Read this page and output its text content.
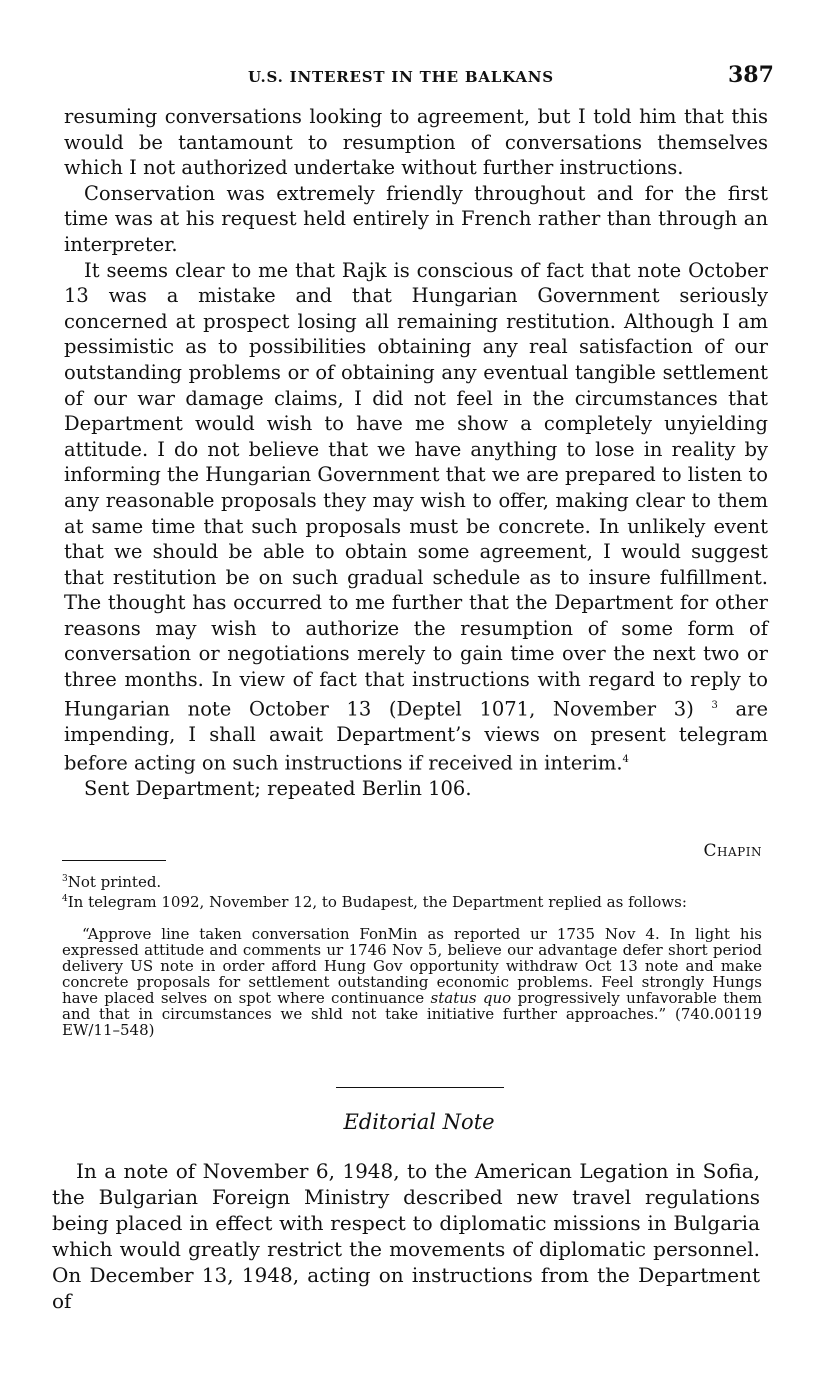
U.S. INTEREST IN THE BALKANS	387

resuming conversations looking to agreement, but I told him that this would be tantamount to resumption of conversations themselves which I not authorized undertake without further instructions.

Conservation was extremely friendly throughout and for the first time was at his request held entirely in French rather than through an interpreter.

It seems clear to me that Rajk is conscious of fact that note October 13 was a mistake and that Hungarian Government seriously concerned at prospect losing all remaining restitution. Although I am pessimistic as to possibilities obtaining any real satisfaction of our outstanding problems or of obtaining any eventual tangible settlement of our war damage claims, I did not feel in the circumstances that Department would wish to have me show a completely unyielding attitude. I do not believe that we have anything to lose in reality by informing the Hungarian Government that we are prepared to listen to any reasonable proposals they may wish to offer, making clear to them at same time that such proposals must be concrete. In unlikely event that we should be able to obtain some agreement, I would suggest that restitution be on such gradual schedule as to insure fulfillment. The thought has occurred to me further that the Department for other reasons may wish to authorize the resumption of some form of conversation or negotiations merely to gain time over the next two or three months. In view of fact that instructions with regard to reply to Hungarian note October 13 (Deptel 1071, November 3) $^3$ are impending, I shall await Department’s views on present telegram before acting on such instructions if received in interim.$^4$

Sent Department; repeated Berlin 106.

Chapin

$^3$Not printed.

$^4$In telegram 1092, November 12, to Budapest, the Department replied as follows:

“Approve line taken conversation FonMin as reported ur 1735 Nov 4. In light his expressed attitude and comments ur 1746 Nov 5, believe our advantage defer short period delivery US note in order afford Hung Gov opportunity withdraw Oct 13 note and make concrete proposals for settlement outstanding economic problems. Feel strongly Hungs have placed selves on spot where continuance status quo progressively unfavorable them and that in circumstances we shld not take initiative further approaches.” (740.00119 EW/11–548)

Editorial Note

In a note of November 6, 1948, to the American Legation in Sofia, the Bulgarian Foreign Ministry described new travel regulations being placed in effect with respect to diplomatic missions in Bulgaria which would greatly restrict the movements of diplomatic personnel. On December 13, 1948, acting on instructions from the Department of
